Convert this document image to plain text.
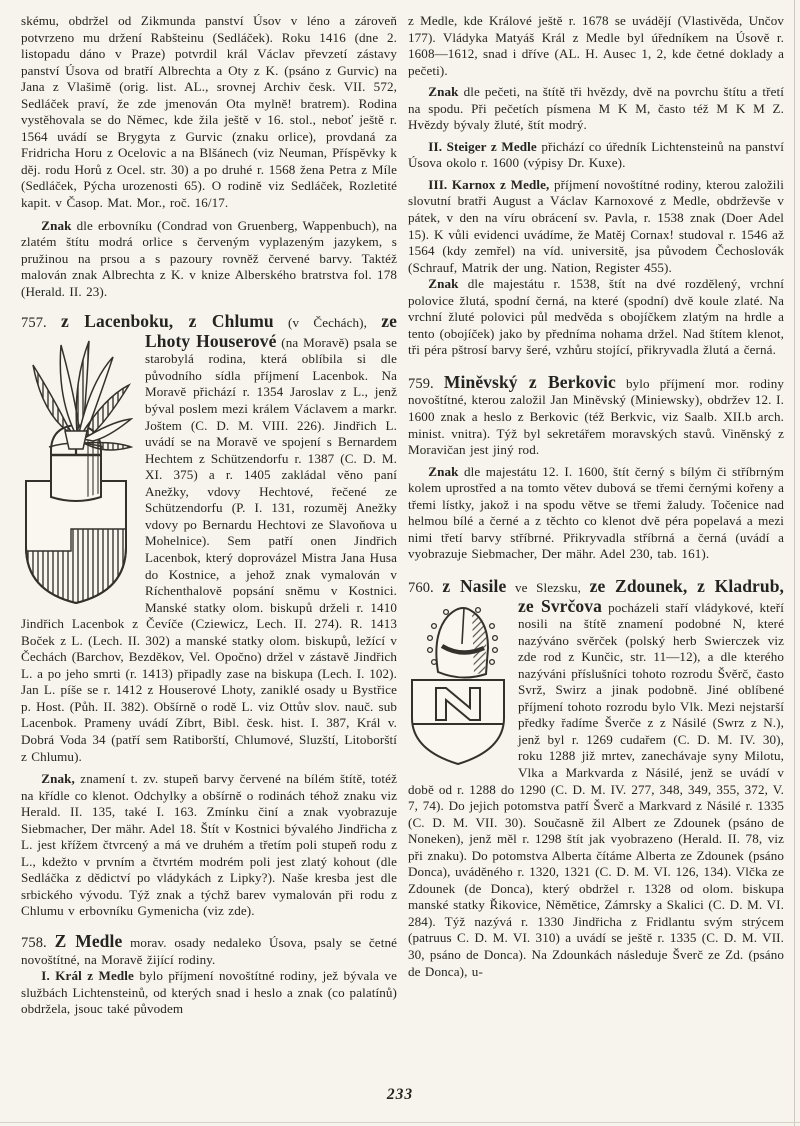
skému, obdržel od Zikmunda panství Úsov v léno a zároveň potvrzeno mu držení Rabšteinu (Sedláček). Roku 1416 (dne 2. listopadu dáno v Praze) potvrdil král Václav převzetí zástavy panství Úsova od bratří Albrechta a Oty z K. (psáno z Gurvic) na Jana z Vlašimě (orig. list. AL., srovnej Archiv česk. VII. 572, Sedláček praví, že zde jmenován Ota mylně! bratrem). Rodina vystěhovala se do Němec, kde žila ještě v 16. stol., neboť ještě r. 1564 uvádí se Brygyta z Gurvic (znaku orlice), provdaná za Fridricha Horu z Ocelovic a na Blšánech (viz Neuman, Příspěvky k děj. rodu Horů z Ocel. str. 30) a po druhé r. 1568 žena Petra z Míle (Sedláček, Pýcha urozenosti 65). O rodině viz Sedláček, Rozletité kapit. v Časop. Mat. Mor., roč. 16/17.

Znak dle erbovníku (Condrad von Gruenberg, Wappenbuch), na zlatém štítu modrá orlice s červeným vyplazeným jazykem, s pružinou na prsou a s pazoury rovněž červené barvy. Taktéž malován znak Albrechta z K. v knize Alberského bratrstva fol. 178 (Herald. II. 23).

757. z Lacenboku, z Chlumu (v Čechách), ze

Lhoty Houserové (na Moravě) psala se starobylá rodina, která oblíbila si dle původního sídla příjmení Lacenbok. Na Moravě přichází r. 1354 Jaroslav z L., jenž býval poslem mezi králem Václavem a markr. Joštem (C. D. M. VIII. 226). Jindřich L. uvádí se na Moravě ve spojení s Bernardem Hechtem z Schützendorfu r. 1387 (C. D. M. XI. 375) a r. 1405 zakládal věno paní Anežky, vdovy Hechtové, řečené ze Schützendorfu (P. I. 131, rozuměj Anežky vdovy po Bernardu Hechtovi ze Slavoňova u Mohelnice). Sem patří onen Jindřich Lacenbok, který doprovázel Mistra Jana Husa do Kostnice, a jehož znak vymalován v Ríchenthalově popsání sněmu v Kostnici. Manské statky olom. biskupů drželi r. 1410 Jindřich Lacenbok z Čevíče (Cziewicz, Lech. II. 274). R. 1413 Boček z L. (Lech. II. 302) a manské statky olom. biskupů, ležící v Čechách (Barchov, Bezděkov, Vel. Opočno) držel v zástavě Jindřich L. a po jeho smrti (r. 1413) připadly zase na biskupa (Lech. I. 102). Jan L. píše se r. 1412 z Houserové Lhoty, zaniklé osady u Bystřice p. Host. (Půh. II. 382). Obšírně o rodě L. viz Ottův slov. nauč. sub Lacenbok. Prameny uvádí Zíbrt, Bibl. česk. hist. I. 387, Král v. Dobrá Voda 34 (patří sem Ratiborští, Chlumové, Sluzští, Litoborští z Chlumu).

Znak, znamení t. zv. stupeň barvy červené na bílém štítě, totéž na křídle co klenot. Odchylky a obšírně o rodinách téhož znaku viz Herald. II. 135, také I. 163. Zmínku činí a znak vyobrazuje Siebmacher, Der mähr. Adel 18. Štít v Kostnici bývalého Jindřicha z L. jest křížem čtvrcený a má ve druhém a třetím poli stupeň rodu z L., kdežto v prvním a čtvrtém modrém poli jest zlatý kohout (dle Sedláčka z dědictví po vládykách z Lipky?). Naše kresba jest dle srbického vývodu. Týž znak a týchž barev vymalován při rodu z Chlumu v erbovníku Gymenicha (viz zde).

758. Z Medle morav. osady nedaleko Úsova, psaly se četné novoštítné, na Moravě žijící rodiny.

I. Král z Medle bylo příjmení novoštítné rodiny, jež bývala ve službách Lichtensteinů, od kterých snad i heslo a znak (co palatínů) obdržela, jsouc také původem

z Medle, kde Králové ještě r. 1678 se uvádějí (Vlastivěda, Unčov 177). Vládyka Matyáš Král z Medle byl úředníkem na Úsově r. 1608—1612, snad i dříve (AL. H. Ausec 1, 2, kde četné doklady a pečeti).

Znak dle pečeti, na štítě tři hvězdy, dvě na povrchu štítu a třetí na spodu. Při pečetích písmena M K M, často též M K M Z. Hvězdy bývaly žluté, štít modrý.

II. Steiger z Medle přichází co úředník Lichtensteinů na panství Úsova okolo r. 1600 (výpisy Dr. Kuxe).

III. Karnox z Medle, příjmení novoštítné rodiny, kterou založili slovutní bratři August a Václav Karnoxové z Medle, obdrževše v pátek, v den na víru obrácení sv. Pavla, r. 1538 znak (Doer Adel 15). K vůli evidenci uvádíme, že Matěj Cornax! studoval r. 1546 až 1564 (kdy zemřel) na víd. universitě, jsa původem Čechoslovák (Schrauf, Matrik der ung. Nation, Register 455).

Znak dle majestátu r. 1538, štít na dvé rozdělený, vrchní polovice žlutá, spodní černá, na které (spodní) dvě koule zlaté. Na vrchní žluté polovici půl medvěda s obojíčkem zlatým na hrdle a tento (obojíček) jako by předníma nohama držel. Nad štítem klenot, tři péra pštrosí barvy šeré, vzhůru stojící, přikryvadla žlutá a černá.

759. Miněvský z Berkovic bylo příjmení mor. rodiny novoštítné, kterou založil Jan Miněvský (Miniewsky), obdržev 12. I. 1600 znak a heslo z Berkovic (též Berkvic, viz Saalb. XII.b arch. minist. vnitra). Týž byl sekretářem moravských stavů. Viněnský z Moravičan jest jiný rod.

Znak dle majestátu 12. I. 1600, štít černý s bílým či stříbrným kolem uprostřed a na tomto větev dubová se třemi černými kořeny a třemi lístky, jakož i na spodu větve se třemi žaludy. Točenice nad helmou bílé a černé a z těchto co klenot dvě péra popelavá a mezi nimi třetí barvy stříbrné. Přikryvadla stříbrná a černá (uvádí a vyobrazuje Siebmacher, Der mähr. Adel 230, tab. 161).

760. z Nasile ve Slezsku, ze Zdounek, z Kladrub,

ze Svrčova pocházeli staří vládykové, kteří nosili na štítě znamení podobné N, které nazýváno svěrček (polský herb Swierczek viz zde rod z Kunčic, str. 11—12), a dle kterého nazýváni příslušníci tohoto rozrodu Švěrč, často Svrž, Swirz a jinak podobně. Jiné oblíbené příjmení tohoto rozrodu bylo Vlk. Mezi nejstarší předky řadíme Šverče z z Násilé (Swrz z N.), jenž byl r. 1269 cudařem (C. D. M. IV. 30), roku 1288 již mrtev, zanechávaje syny Milotu, Vlka a Markvarda z Násilé, jenž se uvádí v době od r. 1288 do 1290 (C. D. M. IV. 277, 348, 349, 355, 372, V. 7, 74). Do jejich potomstva patří Šverč a Markvard z Násilé r. 1335 (C. D. M. VII. 30). Současně žil Albert ze Zdounek (psáno de Noneken), jenž měl r. 1298 štít jak vyobrazeno (Herald. II. 78, viz při znaku). Do potomstva Alberta čítáme Alberta ze Zdounek (psáno Donca), uváděného r. 1320, 1321 (C. D. M. VI. 126, 134). Vlčka ze Zdounek (de Donca), který obdržel r. 1328 od olom. biskupa manské statky Řikovice, Němětice, Zámrsky a Skalici (C. D. M. VI. 284). Týž nazývá r. 1330 Jindřicha z Fridlantu svým strýcem (patruus C. D. M. VI. 310) a uvádí se ještě r. 1335 (C. D. M. VII. 30, psáno de Donca). Na Zdounkách následuje Šverč ze Zd. (psáno de Donca), u-

233
